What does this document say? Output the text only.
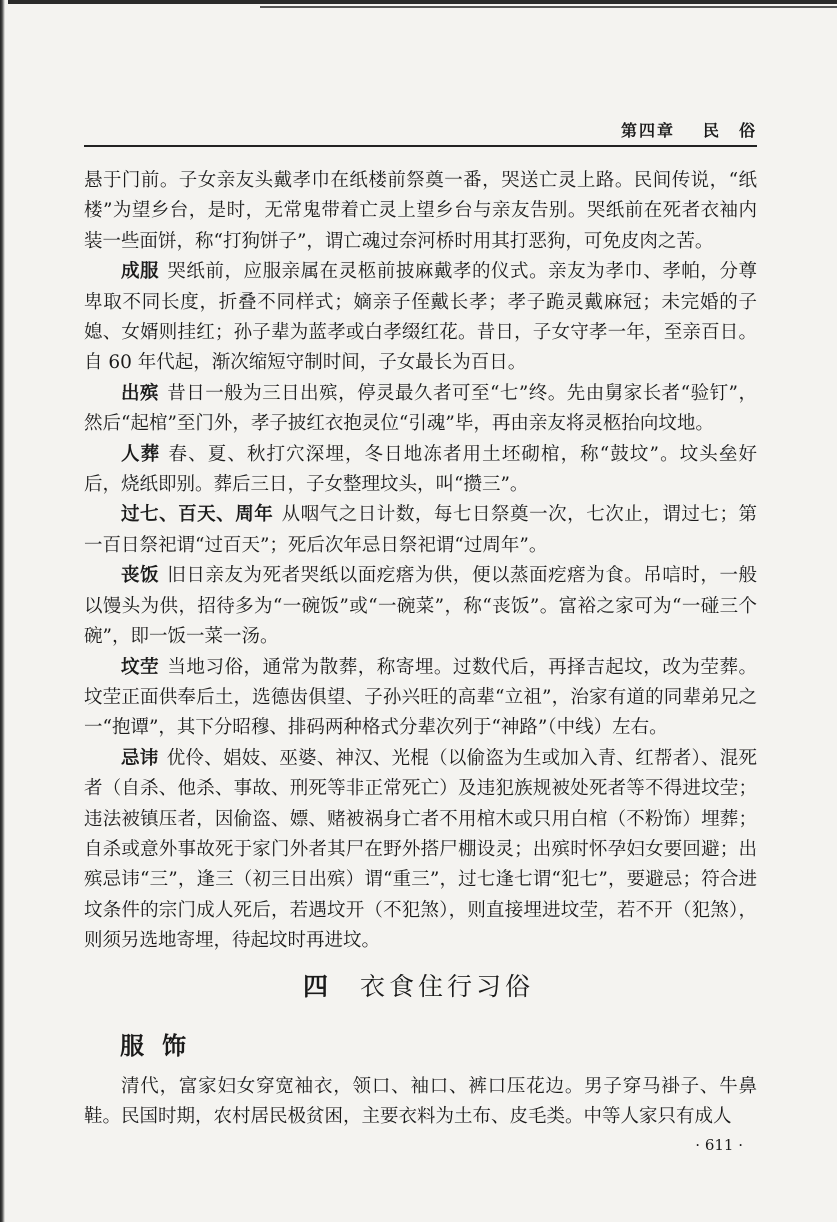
第四章 民　俗

悬于门前。子女亲友头戴孝巾在纸楼前祭奠一番，哭送亡灵上路。民间传说，“纸楼”为望乡台，是时，无常鬼带着亡灵上望乡台与亲友告别。哭纸前在死者衣袖内装一些面饼，称“打狗饼子”，谓亡魂过奈河桥时用其打恶狗，可免皮肉之苦。

成服 哭纸前，应服亲属在灵柩前披麻戴孝的仪式。亲友为孝巾、孝帕，分尊卑取不同长度，折叠不同样式；嫡亲子侄戴长孝；孝子跪灵戴麻冠；未完婚的子媳、女婿则挂红；孙子辈为蓝孝或白孝缀红花。昔日，子女守孝一年，至亲百日。自 60 年代起，渐次缩短守制时间，子女最长为百日。

出殡 昔日一般为三日出殡，停灵最久者可至“七”终。先由舅家长者“验钉”，然后“起棺”至门外，孝子披红衣抱灵位“引魂”毕，再由亲友将灵柩抬向坟地。

人葬 春、夏、秋打穴深埋，冬日地冻者用土坯砌棺，称“鼓坟”。坟头垒好后，烧纸即别。葬后三日，子女整理坟头，叫“攒三”。

过七、百天、周年 从咽气之日计数，每七日祭奠一次，七次止，谓过七；第一百日祭祀谓“过百天”；死后次年忌日祭祀谓“过周年”。

丧饭 旧日亲友为死者哭纸以面疙瘩为供，便以蒸面疙瘩为食。吊唁时，一般以馒头为供，招待多为“一碗饭”或“一碗菜”，称“丧饭”。富裕之家可为“一碰三个碗”，即一饭一菜一汤。

坟茔 当地习俗，通常为散葬，称寄埋。过数代后，再择吉起坟，改为茔葬。坟茔正面供奉后土，选德齿俱望、子孙兴旺的高辈“立祖”，治家有道的同辈弟兄之一“抱谭”，其下分昭穆、排码两种格式分辈次列于“神路”（中线）左右。

忌讳 优伶、娼妓、巫婆、神汉、光棍（以偷盗为生或加入青、红帮者）、混死者（自杀、他杀、事故、刑死等非正常死亡）及违犯族规被处死者等不得进坟茔；违法被镇压者，因偷盗、嫖、赌被祸身亡者不用棺木或只用白棺（不粉饰）埋葬；自杀或意外事故死于家门外者其尸在野外搭尸棚设灵；出殡时怀孕妇女要回避；出殡忌讳“三”，逢三（初三日出殡）谓“重三”，过七逢七谓“犯七”，要避忌；符合进坟条件的宗门成人死后，若遇坟开（不犯煞），则直接埋进坟茔，若不开（犯煞），则须另选地寄埋，待起坟时再进坟。

四 衣食住行习俗
服饰

清代，富家妇女穿宽袖衣，领口、袖口、裤口压花边。男子穿马褂子、牛鼻鞋。民国时期，农村居民极贫困，主要衣料为土布、皮毛类。中等人家只有成人

· 611 ·
